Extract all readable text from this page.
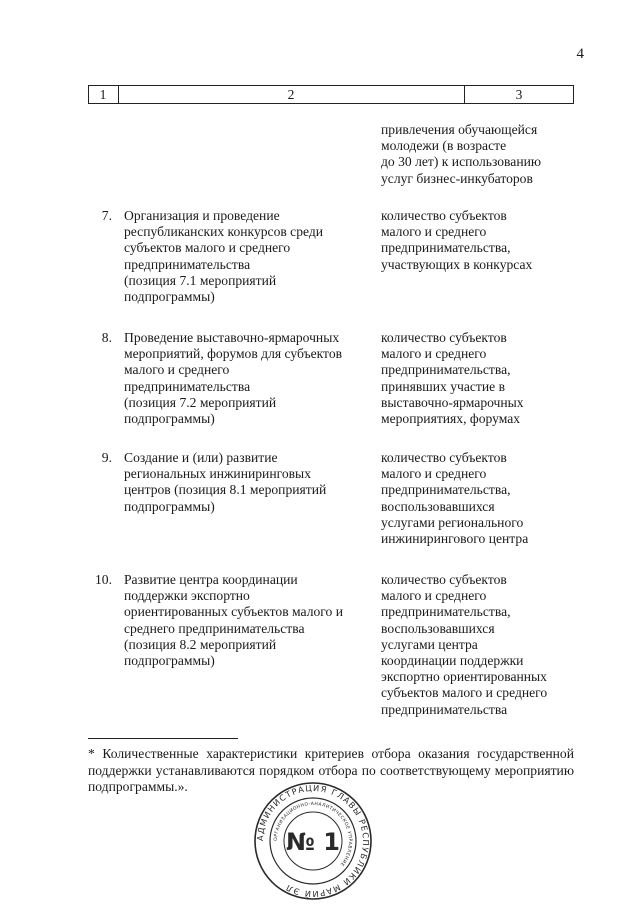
4
1	2	3
привлечения обучающейся
молодежи (в возрасте
до 30 лет) к использованию
услуг бизнес-инкубаторов
7. Организация и проведение
республиканских конкурсов среди
субъектов малого и среднего
предпринимательства
(позиция 7.1 мероприятий
подпрограммы)
количество субъектов
малого и среднего
предпринимательства,
участвующих в конкурсах
8. Проведение выставочно-ярмарочных
мероприятий, форумов для субъектов
малого и среднего
предпринимательства
(позиция 7.2 мероприятий
подпрограммы)
количество субъектов
малого и среднего
предпринимательства,
принявших участие в
выставочно-ярмарочных
мероприятиях, форумах
9. Создание и (или) развитие
региональных инжиниринговых
центров (позиция 8.1 мероприятий
подпрограммы)
количество субъектов
малого и среднего
предпринимательства,
воспользовавшихся
услугами регионального
инжинирингового центра
10. Развитие центра координации
поддержки экспортно
ориентированных субъектов малого и
среднего предпринимательства
(позиция 8.2 мероприятий
подпрограммы)
количество субъектов
малого и среднего
предпринимательства,
воспользовавшихся
услугами центра
координации поддержки
экспортно ориентированных
субъектов малого и среднего
предпринимательства
* Количественные характеристики критериев отбора оказания государственной поддержки устанавливаются порядком отбора по соответствующему мероприятию подпрограммы.».
АДМИНИСТРАЦИЯ ГЛАВЫ РЕСПУБЛИКИ МАРИЙ ЭЛ
ОРГАНИЗАЦИОННО-АНАЛИТИЧЕСКОЕ УПРАВЛЕНИЕ
№ 1
